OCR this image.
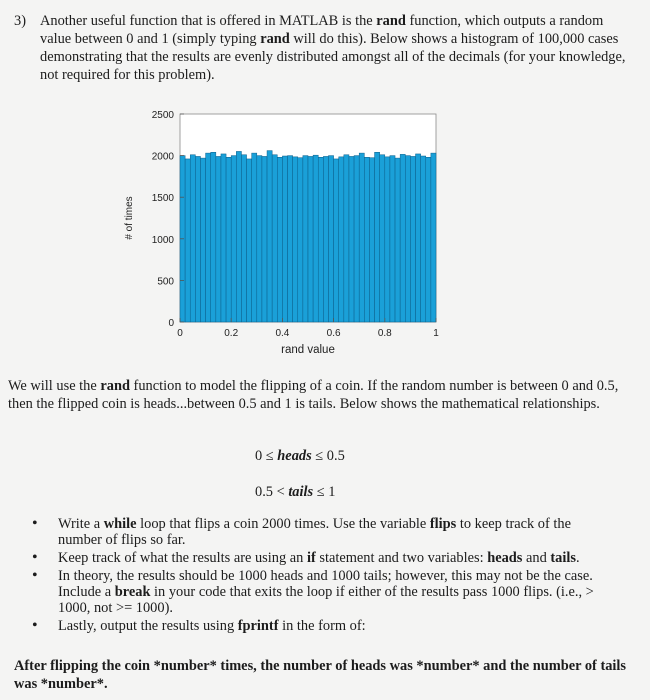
3) Another useful function that is offered in MATLAB is the rand function, which outputs a random value between 0 and 1 (simply typing rand will do this). Below shows a histogram of 100,000 cases demonstrating that the results are evenly distributed amongst all of the decimals (for your knowledge, not required for this problem).
0
500
1000
1500
2000
2500
0	0.2	0.4	0.6	0.8	1
rand value
# of times
We will use the rand function to model the flipping of a coin. If the random number is between 0 and 0.5, then the flipped coin is heads...between 0.5 and 1 is tails. Below shows the mathematical relationships.
0 ≤ heads ≤ 0.5
0.5 < tails ≤ 1
• Write a while loop that flips a coin 2000 times. Use the variable flips to keep track of the number of flips so far.
• Keep track of what the results are using an if statement and two variables: heads and tails.
• In theory, the results should be 1000 heads and 1000 tails; however, this may not be the case. Include a break in your code that exits the loop if either of the results pass 1000 flips. (i.e., > 1000, not >= 1000).
• Lastly, output the results using fprintf in the form of:
After flipping the coin *number* times, the number of heads was *number* and the number of tails was *number*.
